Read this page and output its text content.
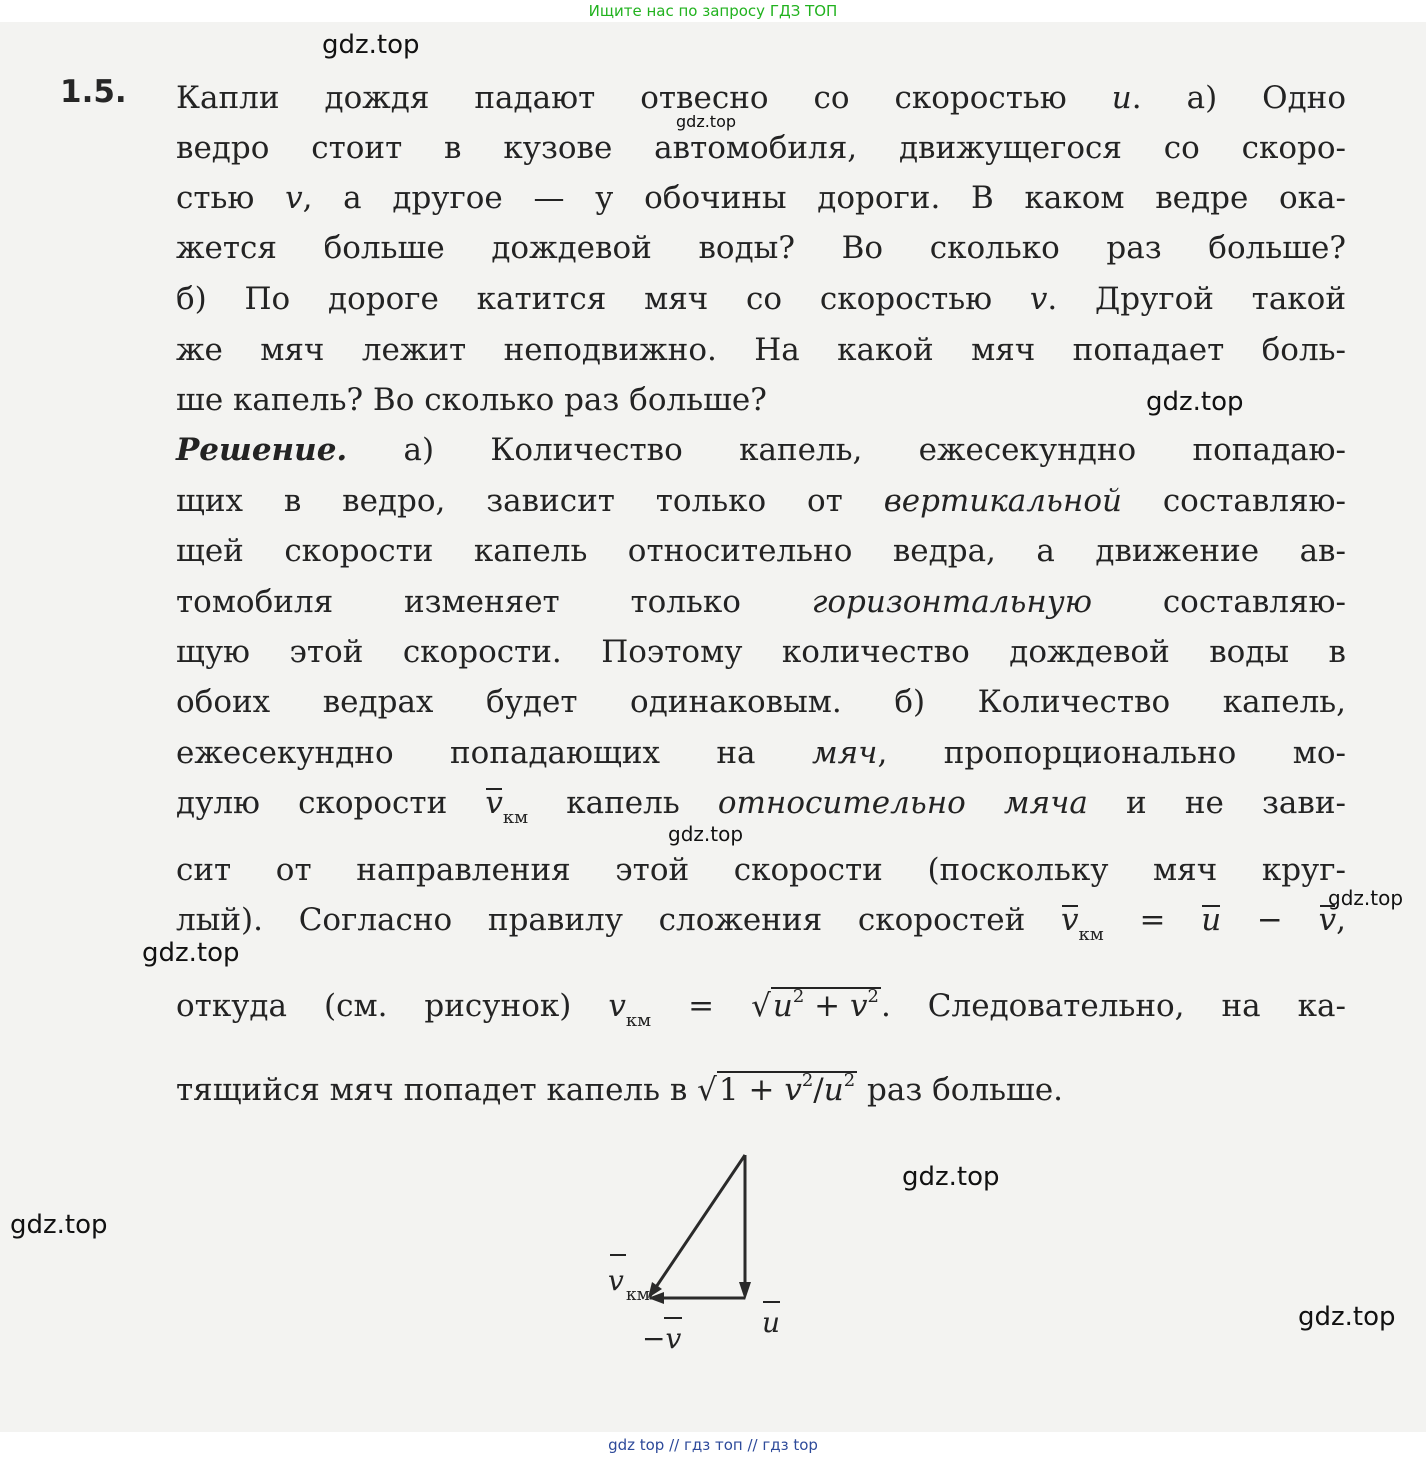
Ищите нас по запросу ГДЗ ТОП
gdz.top
gdz.top
gdz.top
gdz.top
gdz.top
gdz.top
gdz.top
gdz.top
gdz.top
1.5. Капли дождя падают отвесно со скоростью u. а) Одно
ведро стоит в кузове автомобиля, движущегося со скоро-
стью v, а другое — у обочины дороги. В каком ведре ока-
жется больше дождевой воды? Во сколько раз больше?
б) По дороге катится мяч со скоростью v. Другой такой
же мяч лежит неподвижно. На какой мяч попадает боль-
ше капель? Во сколько раз больше?
Решение. а) Количество капель, ежесекундно попадаю-
щих в ведро, зависит только от вертикальной составляю-
щей скорости капель относительно ведра, а движение ав-
томобиля изменяет только горизонтальную составляю-
щую этой скорости. Поэтому количество дождевой воды в
обоих ведрах будет одинаковым. б) Количество капель,
ежесекундно попадающих на мяч, пропорционально мо-
дулю скорости $v_{км}$ капель относительно мяча и не зави-
сит от направления этой скорости (поскольку мяч круг-
лый). Согласно правилу сложения скоростей $v_{км} = u - v$,
откуда (см. рисунок) $v_{км} = √u^2 + v^2$. Следовательно, на ка-
тящийся мяч попадет капель в $√1 + v^2/u^2$ раз больше.
v км
u
−v
gdz top // гдз топ // гдз top
